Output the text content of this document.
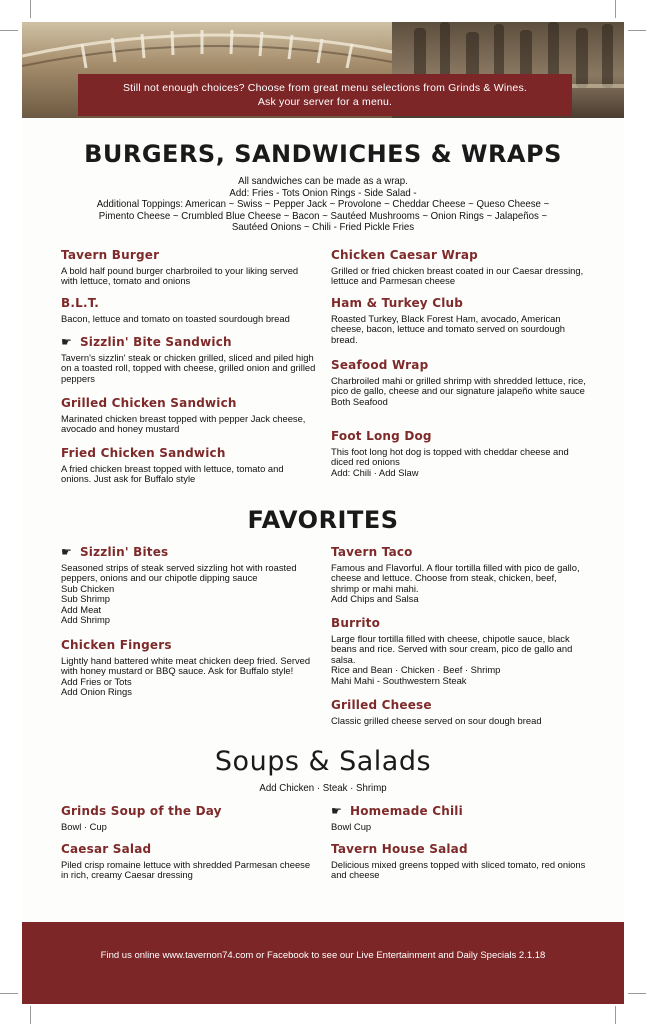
Still not enough choices? Choose from great menu selections from Grinds & Wines.
Ask your server for a menu.
BURGERS, SANDWICHES & WRAPS
All sandwiches can be made as a wrap.
Add: Fries - Tots Onion Rings - Side Salad -
Additional Toppings: American ~ Swiss ~ Pepper Jack ~ Provolone ~ Cheddar Cheese ~ Queso Cheese ~
Pimento Cheese ~ Crumbled Blue Cheese ~ Bacon ~ Sautéed Mushrooms ~ Onion Rings ~ Jalapeños ~
Sautéed Onions ~ Chili - Fried Pickle Fries
Tavern Burger

A bold half pound burger charbroiled to your liking served with lettuce, tomato and onions

B.L.T.

Bacon, lettuce and tomato on toasted sourdough bread

☛ Sizzlin' Bite Sandwich

Tavern's sizzlin' steak or chicken grilled, sliced and piled high on a toasted roll, topped with cheese, grilled onion and grilled peppers

Grilled Chicken Sandwich

Marinated chicken breast topped with pepper Jack cheese, avocado and honey mustard

Fried Chicken Sandwich

A fried chicken breast topped with lettuce, tomato and onions. Just ask for Buffalo style

Chicken Caesar Wrap

Grilled or fried chicken breast coated in our Caesar dressing, lettuce and Parmesan cheese

Ham & Turkey Club

Roasted Turkey, Black Forest Ham, avocado, American cheese, bacon, lettuce and tomato served on sourdough bread.

Seafood Wrap

Charbroiled mahi or grilled shrimp with shredded lettuce, rice, pico de gallo, cheese and our signature jalapeño white sauce

Both Seafood
Foot Long Dog

This foot long hot dog is topped with cheddar cheese and diced red onions

Add: Chili · Add Slaw
FAVORITES
☛ Sizzlin' Bites

Seasoned strips of steak served sizzling hot with roasted peppers, onions and our chipotle dipping sauce

Sub Chicken
Sub Shrimp
Add Meat
Add Shrimp
Chicken Fingers

Lightly hand battered white meat chicken deep fried. Served with honey mustard or BBQ sauce. Ask for Buffalo style!

Add Fries or Tots
Add Onion Rings
Tavern Taco

Famous and Flavorful. A flour tortilla filled with pico de gallo, cheese and lettuce. Choose from steak, chicken, beef, shrimp or mahi mahi.

Add Chips and Salsa
Burrito

Large flour tortilla filled with cheese, chipotle sauce, black beans and rice. Served with sour cream, pico de gallo and salsa.

Rice and Bean · Chicken · Beef · Shrimp
Mahi Mahi - Southwestern Steak
Grilled Cheese

Classic grilled cheese served on sour dough bread

Soups & Salads
Add Chicken · Steak · Shrimp
Grinds Soup of the Day
Bowl · Cup
Caesar Salad

Piled crisp romaine lettuce with shredded Parmesan cheese in rich, creamy Caesar dressing

☛ Homemade Chili
Bowl Cup
Tavern House Salad

Delicious mixed greens topped with sliced tomato, red onions and cheese

Find us online www.tavernon74.com or Facebook to see our Live Entertainment and Daily Specials 2.1.18
